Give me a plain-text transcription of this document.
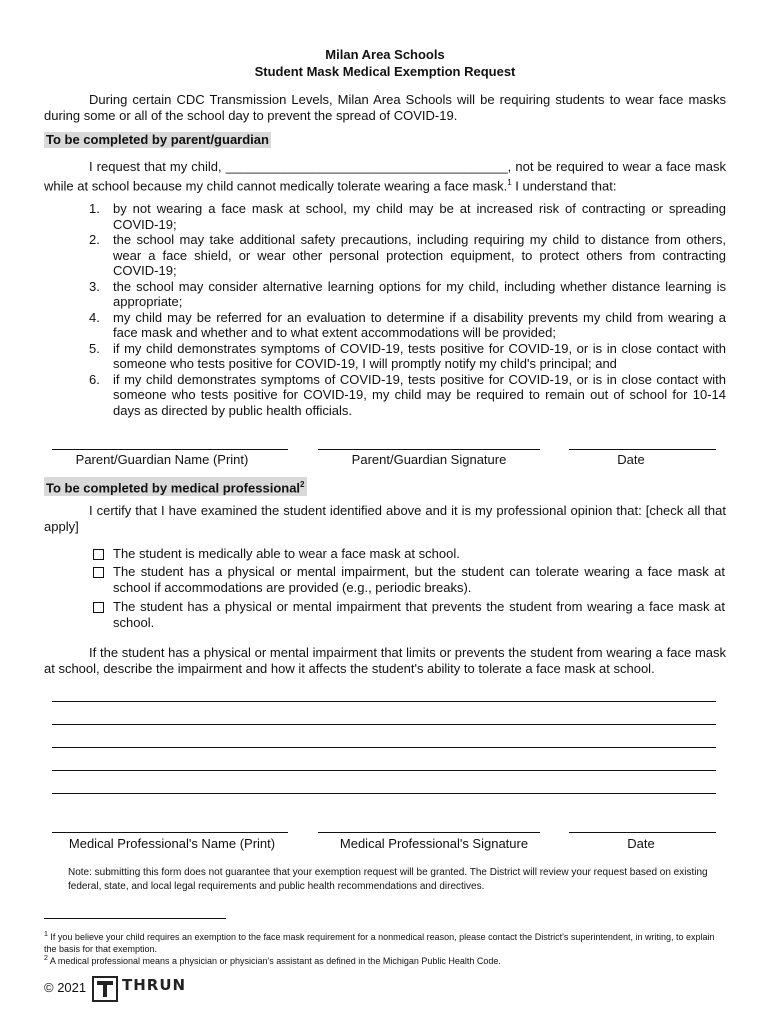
Milan Area Schools
Student Mask Medical Exemption Request
During certain CDC Transmission Levels, Milan Area Schools will be requiring students to wear face masks during some or all of the school day to prevent the spread of COVID-19.
To be completed by parent/guardian
I request that my child, _______________________________________, not be required to wear a face mask while at school because my child cannot medically tolerate wearing a face mask.$^1$ I understand that:
1. by not wearing a face mask at school, my child may be at increased risk of contracting or spreading COVID-19;
2. the school may take additional safety precautions, including requiring my child to distance from others, wear a face shield, or wear other personal protection equipment, to protect others from contracting COVID-19;
3. the school may consider alternative learning options for my child, including whether distance learning is appropriate;
4. my child may be referred for an evaluation to determine if a disability prevents my child from wearing a face mask and whether and to what extent accommodations will be provided;
5. if my child demonstrates symptoms of COVID-19, tests positive for COVID-19, or is in close contact with someone who tests positive for COVID-19, I will promptly notify my child's principal; and
6. if my child demonstrates symptoms of COVID-19, tests positive for COVID-19, or is in close contact with someone who tests positive for COVID-19, my child may be required to remain out of school for 10-14 days as directed by public health officials.
Parent/Guardian Name (Print)	Parent/Guardian Signature	Date
To be completed by medical professional$^2$
I certify that I have examined the student identified above and it is my professional opinion that: [check all that apply]
The student is medically able to wear a face mask at school.
The student has a physical or mental impairment, but the student can tolerate wearing a face mask at school if accommodations are provided (e.g., periodic breaks).
The student has a physical or mental impairment that prevents the student from wearing a face mask at school.
If the student has a physical or mental impairment that limits or prevents the student from wearing a face mask at school, describe the impairment and how it affects the student's ability to tolerate a face mask at school.
Medical Professional's Name (Print)	Medical Professional's Signature	Date
Note: submitting this form does not guarantee that your exemption request will be granted. The District will review your request based on existing federal, state, and local legal requirements and public health recommendations and directives.
$^1$ If you believe your child requires an exemption to the face mask requirement for a nonmedical reason, please contact the District's superintendent, in writing, to explain the basis for that exemption.
$^2$ A medical professional means a physician or physician's assistant as defined in the Michigan Public Health Code.
© 2021 THRUN
